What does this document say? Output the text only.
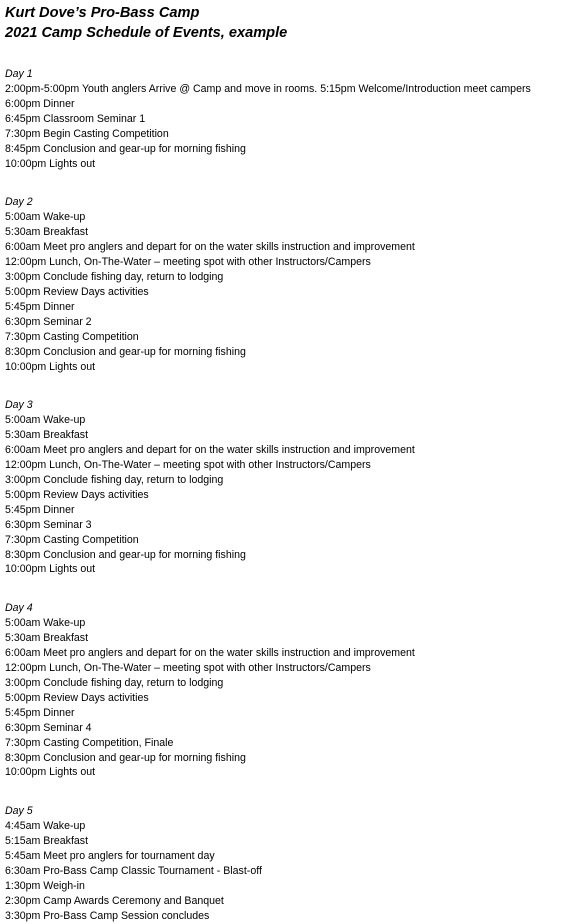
Kurt Dove’s Pro-Bass Camp
2021 Camp Schedule of Events, example
Day 1
2:00pm-5:00pm Youth anglers Arrive @ Camp and move in rooms. 5:15pm Welcome/Introduction meet campers
6:00pm Dinner
6:45pm Classroom Seminar 1
7:30pm Begin Casting Competition
8:45pm Conclusion and gear-up for morning fishing
10:00pm Lights out
Day 2
5:00am Wake-up
5:30am Breakfast
6:00am Meet pro anglers and depart for on the water skills instruction and improvement
12:00pm Lunch, On-The-Water – meeting spot with other Instructors/Campers
3:00pm Conclude fishing day, return to lodging
5:00pm Review Days activities
5:45pm Dinner
6:30pm Seminar 2
7:30pm Casting Competition
8:30pm Conclusion and gear-up for morning fishing
10:00pm Lights out
Day 3
5:00am Wake-up
5:30am Breakfast
6:00am Meet pro anglers and depart for on the water skills instruction and improvement
12:00pm Lunch, On-The-Water – meeting spot with other Instructors/Campers
3:00pm Conclude fishing day, return to lodging
5:00pm Review Days activities
5:45pm Dinner
6:30pm Seminar 3
7:30pm Casting Competition
8:30pm Conclusion and gear-up for morning fishing
10:00pm Lights out
Day 4
5:00am Wake-up
5:30am Breakfast
6:00am Meet pro anglers and depart for on the water skills instruction and improvement
12:00pm Lunch, On-The-Water – meeting spot with other Instructors/Campers
3:00pm Conclude fishing day, return to lodging
5:00pm Review Days activities
5:45pm Dinner
6:30pm Seminar 4
7:30pm Casting Competition, Finale
8:30pm Conclusion and gear-up for morning fishing
10:00pm Lights out
Day 5
4:45am Wake-up
5:15am Breakfast
5:45am Meet pro anglers for tournament day
6:30am Pro-Bass Camp Classic Tournament - Blast-off
1:30pm Weigh-in
2:30pm Camp Awards Ceremony and Banquet
3:30pm Pro-Bass Camp Session concludes
